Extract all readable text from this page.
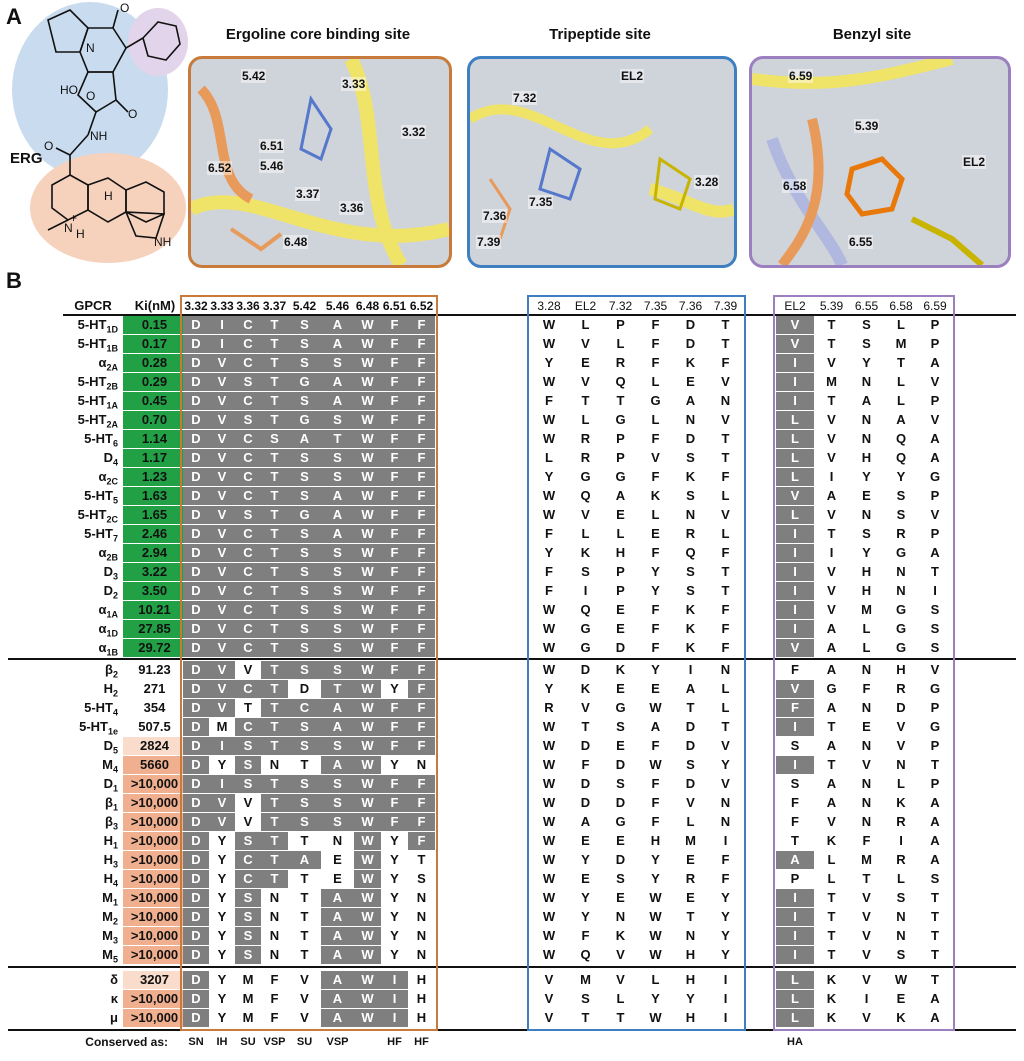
A	O
O
HO O
NH
O
N H
N
H
NH
+
ERG
Ergoline core binding site	Tripeptide site	Benzyl site
5.42
3.33
3.32
6.51
6.52 5.46
3.37
3.36
6.48
EL2
7.32
3.28
7.35
7.36
7.39
6.59
5.39
EL2
6.58
6.55
B
GPCR	Ki(nM) 3.32 3.33 3.36 3.37 5.42 5.46 6.48 6.51 6.52	3.28	EL2	7.32 7.35 7.36 7.39	EL2	5.39 6.55 6.58 6.59
$5-HT_{1D}$	0.15	D	I	C	T	S	A	W	F	F	W	L	P	F	D	T	V	T	S	L	P
$5-HT_{1B}$	0.17	D	I	C	T	S	A	W	F	F	W	V	L	F	D	T	V	T	S	M	P
$\alpha_{2A}$	0.28	D	V	C	T	S	S	W	F	F	Y	E	R	F	K	F	I	V	Y	T	A
$5-HT_{2B}$	0.29	D	V	S	T	G	A	W	F	F	W	V	Q	L	E	V	I	M	N	L	V
$5-HT_{1A}$	0.45	D	V	C	T	S	A	W	F	F	F	T	T	G	A	N	I	T	A	L	P
$5-HT_{2A}$	0.70	D	V	S	T	G	S	W	F	F	W	L	G	L	N	V	L	V	N	A	V
$5-HT_6$	1.14	D	V	C	S	A	T	W	F	F	W	R	P	F	D	T	L	V	N	Q	A
$D_4$	1.17	D	V	C	T	S	S	W	F	F	L	R	P	V	S	T	L	V	H	Q	A
$\alpha_{2C}$	1.23	D	V	C	T	S	S	W	F	F	Y	G	G	F	K	F	L	I	Y	Y	G
$5-HT_5$	1.63	D	V	C	T	S	A	W	F	F	W	Q	A	K	S	L	V	A	E	S	P
$5-HT_{2C}$	1.65	D	V	S	T	G	A	W	F	F	W	V	E	L	N	V	L	V	N	S	V
$5-HT_7$	2.46	D	V	C	T	S	A	W	F	F	F	L	L	E	R	L	I	T	S	R	P
$\alpha_{2B}$	2.94	D	V	C	T	S	S	W	F	F	Y	K	H	F	Q	F	I	I	Y	G	A
$D_3$	3.22	D	V	C	T	S	S	W	F	F	F	S	P	Y	S	T	I	V	H	N	T
$D_2$	3.50	D	V	C	T	S	S	W	F	F	F	I	P	Y	S	T	I	V	H	N	I
$\alpha_{1A}$	10.21	D	V	C	T	S	S	W	F	F	W	Q	E	F	K	F	I	V	M	G	S
$\alpha_{1D}$	27.85	D	V	C	T	S	S	W	F	F	W	G	E	F	K	F	I	A	L	G	S
$\alpha_{1B}$	29.72	D	V	C	T	S	S	W	F	F	W	G	D	F	K	F	V	A	L	G	S
$\beta_2$	91.23	D	V	V	T	S	S	W	F	F	W	D	K	Y	I	N	F	A	N	H	V
$H_2$	271	D	V	C	T	D	T	W	Y	F	Y	K	E	E	A	L	V	G	F	R	G
$5-HT_4$	354	D	V	T	T	C	A	W	F	F	R	V	G	W	T	L	F	A	N	D	P
$5-HT_{1e}$	507.5	D	M	C	T	S	A	W	F	F	W	T	S	A	D	T	I	T	E	V	G
$D_5$	2824	D	I	S	T	S	S	W	F	F	W	D	E	F	D	V	S	A	N	V	P
$M_4$	5660	D	Y	S	N	T	A	W	Y	N	W	F	D	W	S	Y	I	T	V	N	T
$D_1 >10,000$	D	I	S	T	S	S	W	F	F	W	D	S	F	D	V	S	A	N	L	P
$\beta_1 >10,000$	D	V	V	T	S	S	W	F	F	W	D	D	F	V	N	F	A	N	K	A
$\beta_3 >10,000$	D	V	V	T	S	S	W	F	F	W	A	G	F	L	N	F	V	N	R	A
$H_1 >10,000$	D	Y	S	T	T	N	W	Y	F	W	E	E	H	M	I	T	K	F	I	A
$H_3 >10,000$	D	Y	C	T	A	E	W	Y	T	W	Y	D	Y	E	F	A	L	M	R	A
$H_4 >10,000$	D	Y	C	T	T	E	W	Y	S	W	E	S	Y	R	F	P	L	T	L	S
$M_1 >10,000$	D	Y	S	N	T	A	W	Y	N	W	Y	E	W	E	Y	I	T	V	S	T
$M_2 >10,000$	D	Y	S	N	T	A	W	Y	N	W	Y	N	W	T	Y	I	T	V	N	T
$M_3 >10,000$	D	Y	S	N	T	A	W	Y	N	W	F	K	W	N	Y	I	T	V	N	T
$M_5 >10,000$	D	Y	S	N	T	A	W	Y	N	W	Q	V	W	H	Y	I	T	V	S	T
δ	3207	D	Y	M	F	V	A	W	I	H	V	M	V	L	H	I	L	K	V	W	T
κ >10,000	D	Y	M	F	V	A	W	I	H	V	S	L	Y	Y	I	L	K	I	E	A
μ >10,000	D	Y	M	F	V	A	W	I	H	V	T	T	W	H	I	L	K	V	K	A
Conserved as:	SN	IH	SU VSP	SU	VSP	HF	HF	HA
